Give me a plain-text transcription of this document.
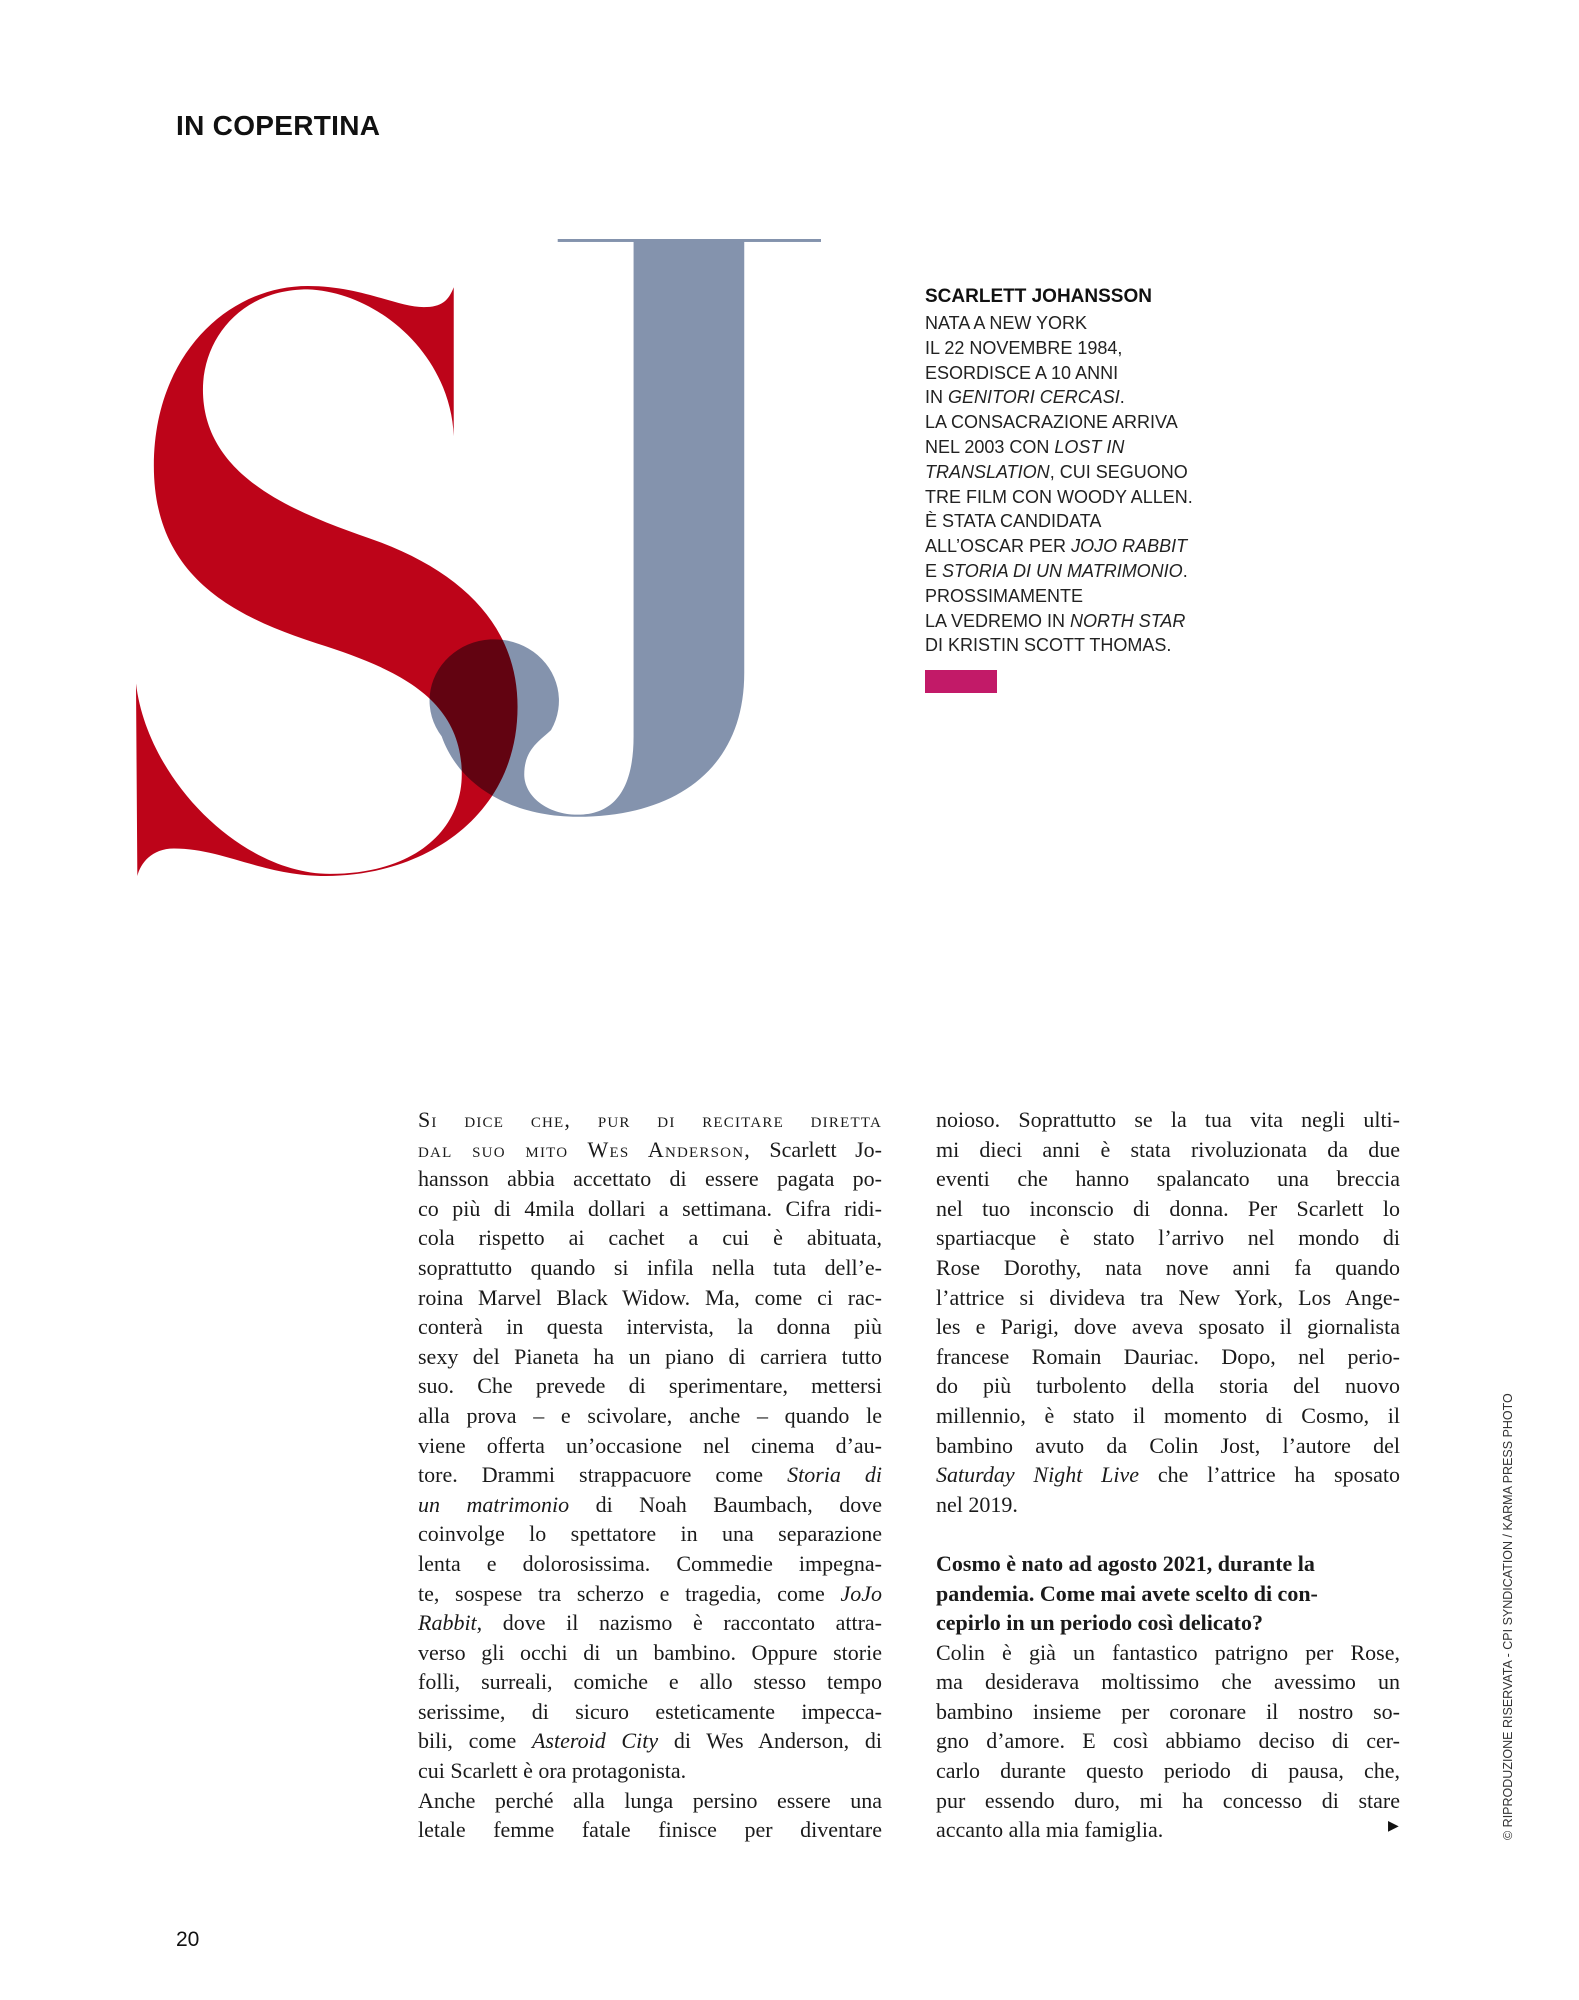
IN COPERTINA
SCARLETT JOHANSSON
NATA A NEW YORK
IL 22 NOVEMBRE 1984,
ESORDISCE A 10 ANNI
IN GENITORI CERCASI.
LA CONSACRAZIONE ARRIVA
NEL 2003 CON LOST IN
TRANSLATION, CUI SEGUONO
TRE FILM CON WOODY ALLEN.
È STATA CANDIDATA
ALL’OSCAR PER JOJO RABBIT
E STORIA DI UN MATRIMONIO.
PROSSIMAMENTE
LA VEDREMO IN NORTH STAR
DI KRISTIN SCOTT THOMAS.
Si dice che, pur di recitare diretta
dal suo mito Wes Anderson, Scarlett Jo-
hansson abbia accettato di essere pagata po-
co più di 4mila dollari a settimana. Cifra ridi-
cola rispetto ai cachet a cui è abituata,
soprattutto quando si infila nella tuta dell’e-
roina Marvel Black Widow. Ma, come ci rac-
conterà in questa intervista, la donna più
sexy del Pianeta ha un piano di carriera tutto
suo. Che prevede di sperimentare, mettersi
alla prova – e scivolare, anche – quando le
viene offerta un’occasione nel cinema d’au-
tore. Drammi strappacuore come Storia di
un matrimonio di Noah Baumbach, dove
coinvolge lo spettatore in una separazione
lenta e dolorosissima. Commedie impegna-
te, sospese tra scherzo e tragedia, come JoJo
Rabbit, dove il nazismo è raccontato attra-
verso gli occhi di un bambino. Oppure storie
folli, surreali, comiche e allo stesso tempo
serissime, di sicuro esteticamente impecca-
bili, come Asteroid City di Wes Anderson, di
cui Scarlett è ora protagonista.
Anche perché alla lunga persino essere una
letale femme fatale finisce per diventare
noioso. Soprattutto se la tua vita negli ulti-
mi dieci anni è stata rivoluzionata da due
eventi che hanno spalancato una breccia
nel tuo inconscio di donna. Per Scarlett lo
spartiacque è stato l’arrivo nel mondo di
Rose Dorothy, nata nove anni fa quando
l’attrice si divideva tra New York, Los Ange-
les e Parigi, dove aveva sposato il giornalista
francese Romain Dauriac. Dopo, nel perio-
do più turbolento della storia del nuovo
millennio, è stato il momento di Cosmo, il
bambino avuto da Colin Jost, l’autore del
Saturday Night Live che l’attrice ha sposato
nel 2019.
Cosmo è nato ad agosto 2021, durante la
pandemia. Come mai avete scelto di con-
cepirlo in un periodo così delicato?
Colin è già un fantastico patrigno per Rose,
ma desiderava moltissimo che avessimo un
bambino insieme per coronare il nostro so-
gno d’amore. E così abbiamo deciso di cer-
carlo durante questo periodo di pausa, che,
pur essendo duro, mi ha concesso di stare
accanto alla mia famiglia.	▶
20
© RIPRODUZIONE RISERVATA - CPI SYNDICATION / KARMA PRESS PHOTO
